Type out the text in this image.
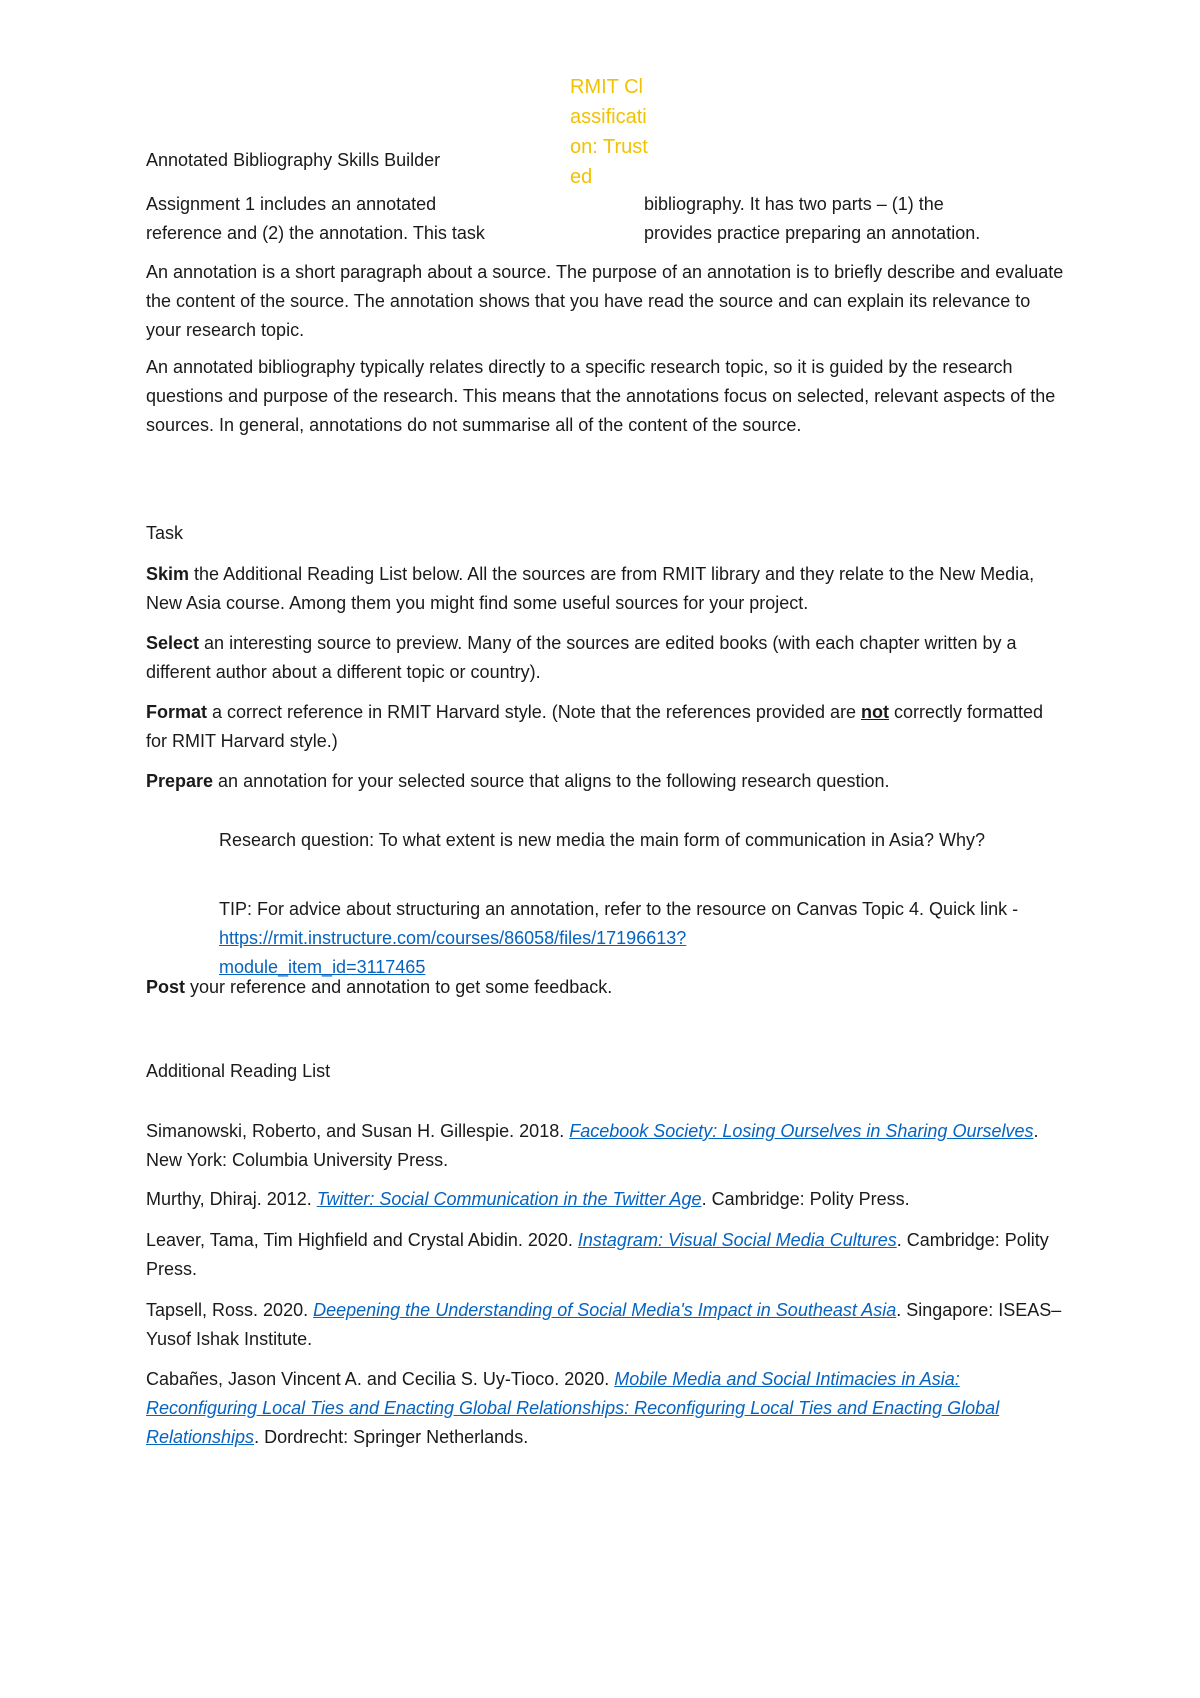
RMIT Classification: Trusted
Annotated Bibliography Skills Builder
Assignment 1 includes an annotated
reference and (2) the annotation. This task
bibliography. It has two parts – (1) the
provides practice preparing an annotation.

An annotation is a short paragraph about a source. The purpose of an annotation is to briefly describe and evaluate the content of the source. The annotation shows that you have read the source and can explain its relevance to your research topic.

An annotated bibliography typically relates directly to a specific research topic, so it is guided by the research questions and purpose of the research. This means that the annotations focus on selected, relevant aspects of the sources. In general, annotations do not summarise all of the content of the source.

Task

Skim the Additional Reading List below. All the sources are from RMIT library and they relate to the New Media, New Asia course. Among them you might find some useful sources for your project.

Select an interesting source to preview. Many of the sources are edited books (with each chapter written by a different author about a different topic or country).

Format a correct reference in RMIT Harvard style. (Note that the references provided are not correctly formatted for RMIT Harvard style.)

Prepare an annotation for your selected source that aligns to the following research question.

Research question: To what extent is new media the main form of communication in Asia? Why?

TIP: For advice about structuring an annotation, refer to the resource on Canvas Topic 4. Quick link - https://rmit.instructure.com/courses/86058/files/17196613?
module_item_id=3117465

Post your reference and annotation to get some feedback.

Additional Reading List

Simanowski, Roberto, and Susan H. Gillespie. 2018. Facebook Society: Losing Ourselves in Sharing Ourselves. New York: Columbia University Press.

Murthy, Dhiraj. 2012. Twitter: Social Communication in the Twitter Age. Cambridge: Polity Press.

Leaver, Tama, Tim Highfield and Crystal Abidin. 2020. Instagram: Visual Social Media Cultures. Cambridge: Polity Press.

Tapsell, Ross. 2020. Deepening the Understanding of Social Media's Impact in Southeast Asia. Singapore: ISEAS–Yusof Ishak Institute.

Cabañes, Jason Vincent A. and Cecilia S. Uy-Tioco. 2020. Mobile Media and Social Intimacies in Asia: Reconfiguring Local Ties and Enacting Global Relationships: Reconfiguring Local Ties and Enacting Global Relationships. Dordrecht: Springer Netherlands.
